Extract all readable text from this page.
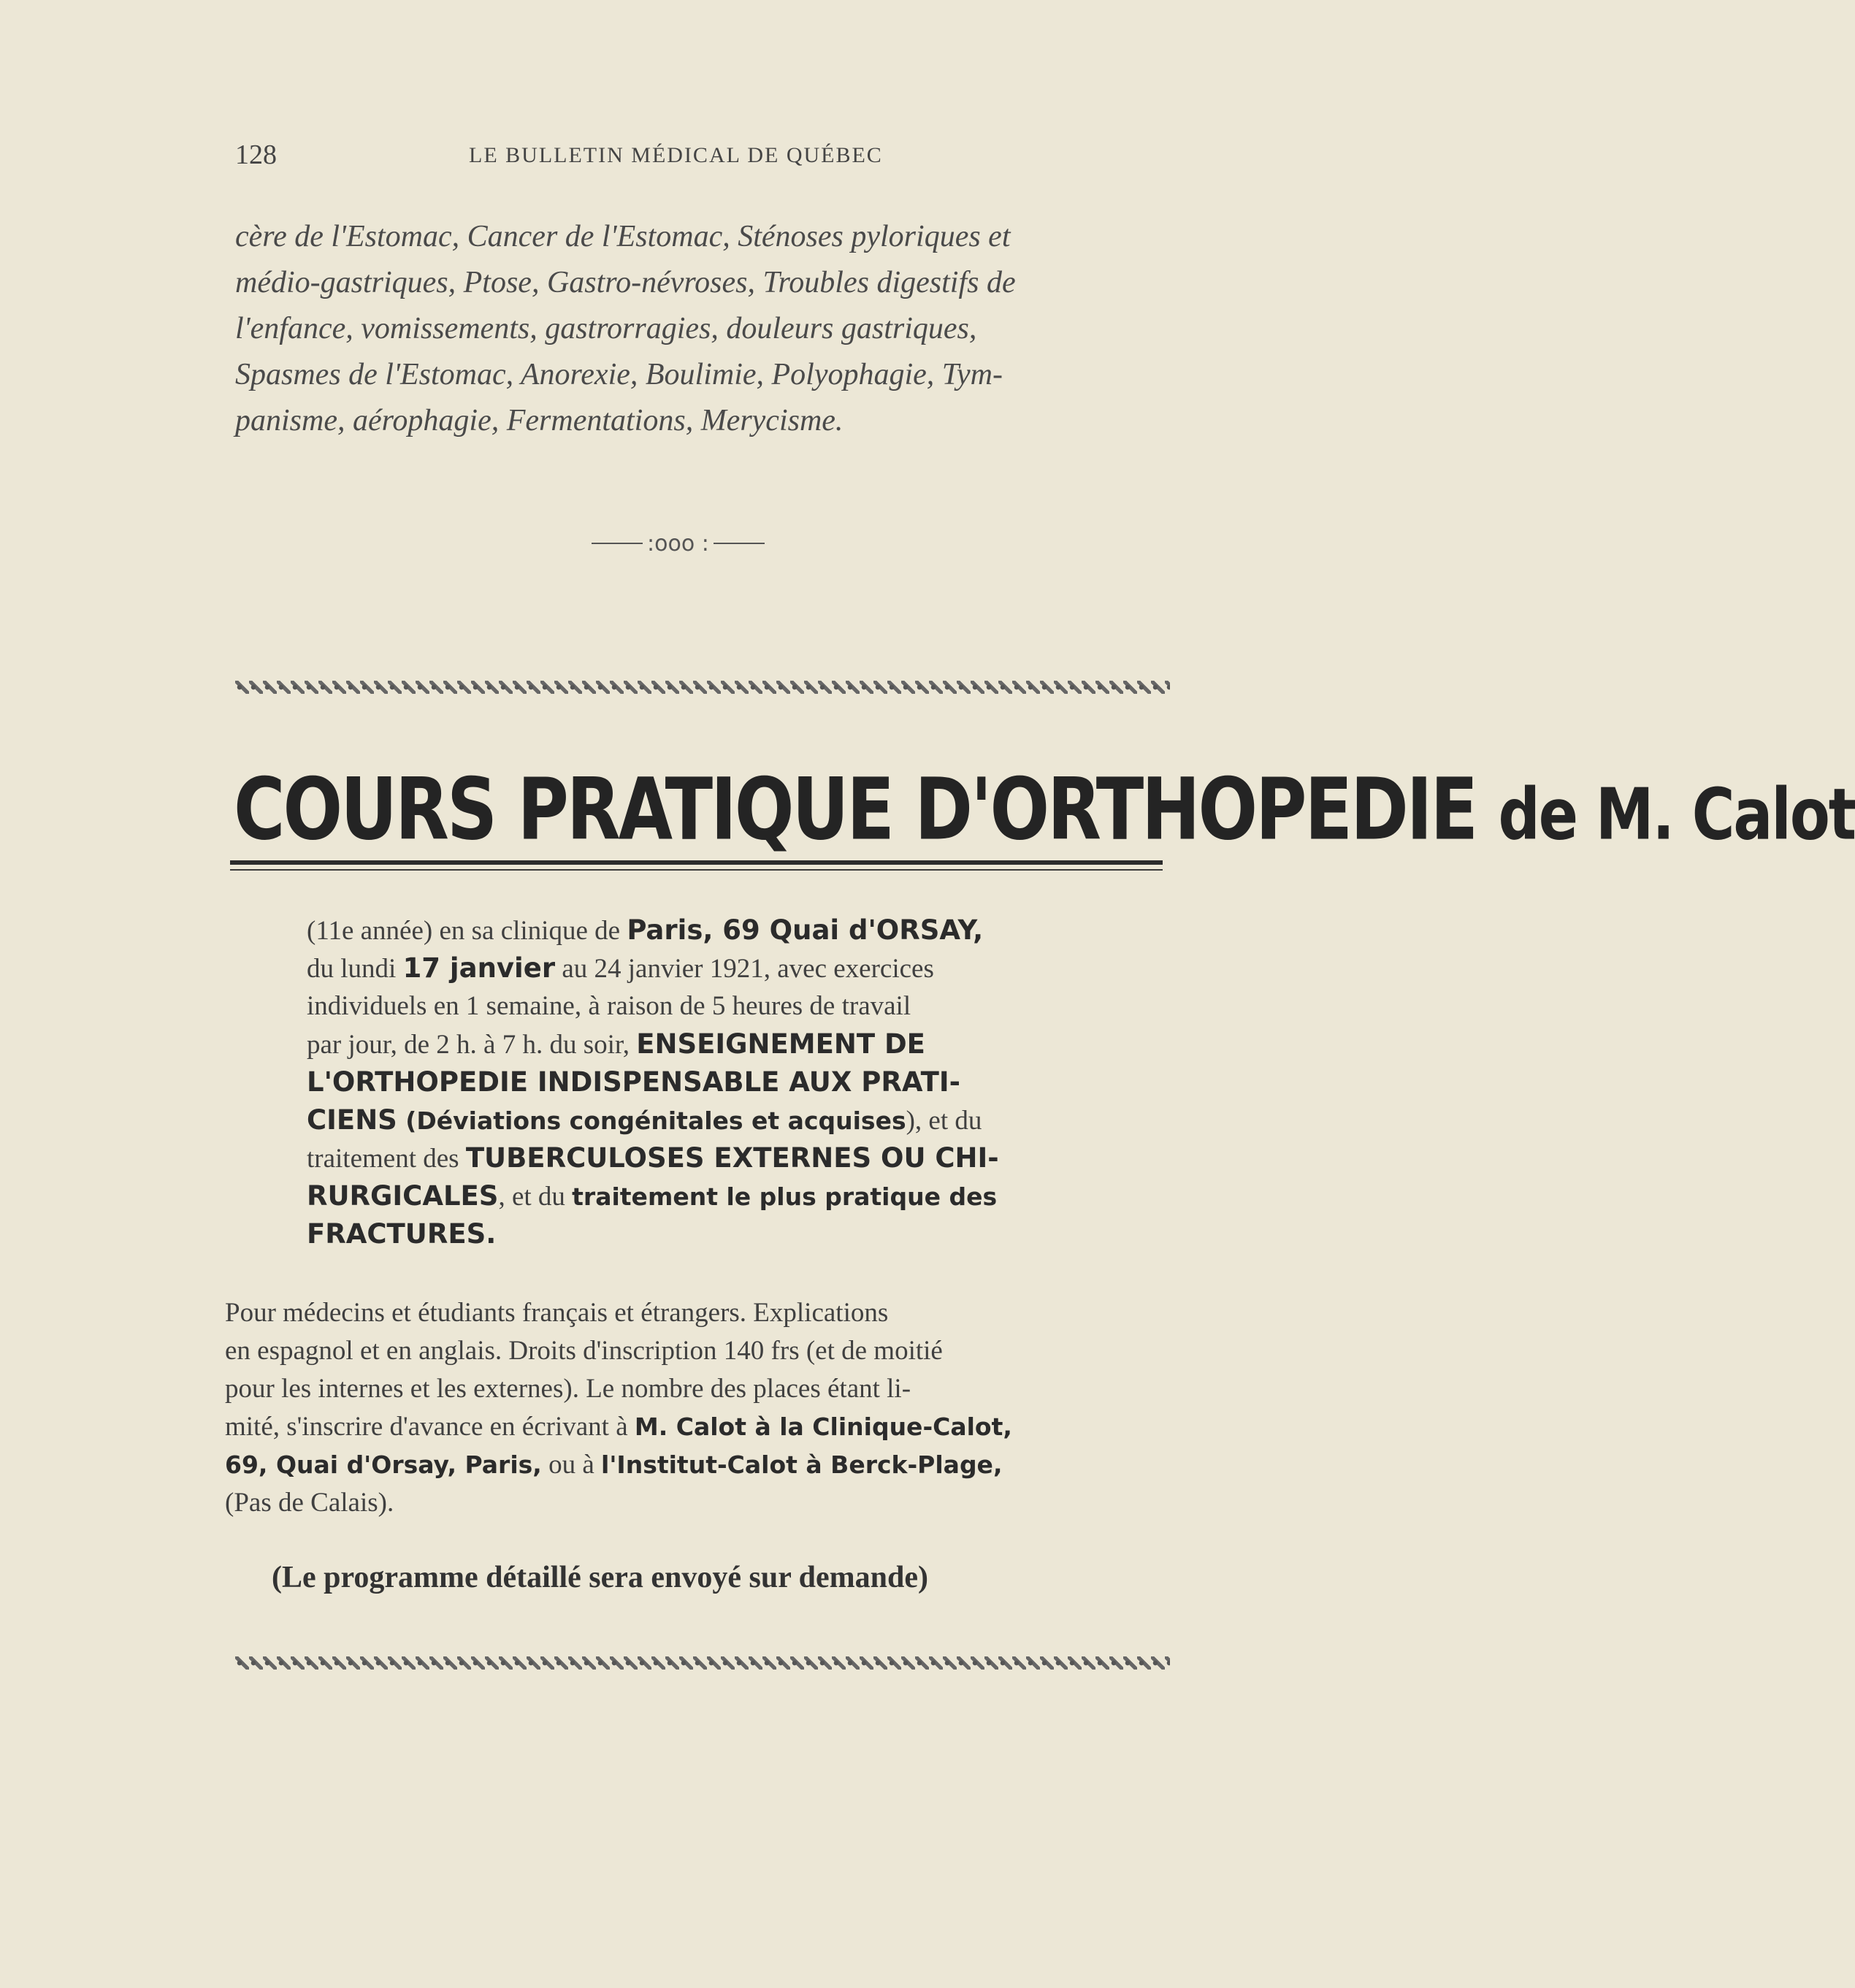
128	LE BULLETIN MÉDICAL DE QUÉBEC
cère de l'Estomac, Cancer de l'Estomac, Sténoses pyloriques et
médio-gastriques, Ptose, Gastro-névroses, Troubles digestifs de
l'enfance, vomissements, gastrorragies, douleurs gastriques,
Spasmes de l'Estomac, Anorexie, Boulimie, Polyophagie, Tym-
panisme, aérophagie, Fermentations, Merycisme.
:ooo :
COURS PRATIQUE D'ORTHOPEDIE de M. Calot
(11e année) en sa clinique de Paris, 69 Quai d'ORSAY,
du lundi 17 janvier au 24 janvier 1921, avec exercices
individuels en 1 semaine, à raison de 5 heures de travail
par jour, de 2 h. à 7 h. du soir, ENSEIGNEMENT DE
L'ORTHOPEDIE INDISPENSABLE AUX PRATI-
CIENS (Déviations congénitales et acquises), et du
traitement des TUBERCULOSES EXTERNES OU CHI-
RURGICALES, et du traitement le plus pratique des
FRACTURES.
Pour médecins et étudiants français et étrangers. Explications
en espagnol et en anglais. Droits d'inscription 140 frs (et de moitié
pour les internes et les externes). Le nombre des places étant li-
mité, s'inscrire d'avance en écrivant à M. Calot à la Clinique-Calot,
69, Quai d'Orsay, Paris, ou à l'Institut-Calot à Berck-Plage,
(Pas de Calais).
(Le programme détaillé sera envoyé sur demande)
